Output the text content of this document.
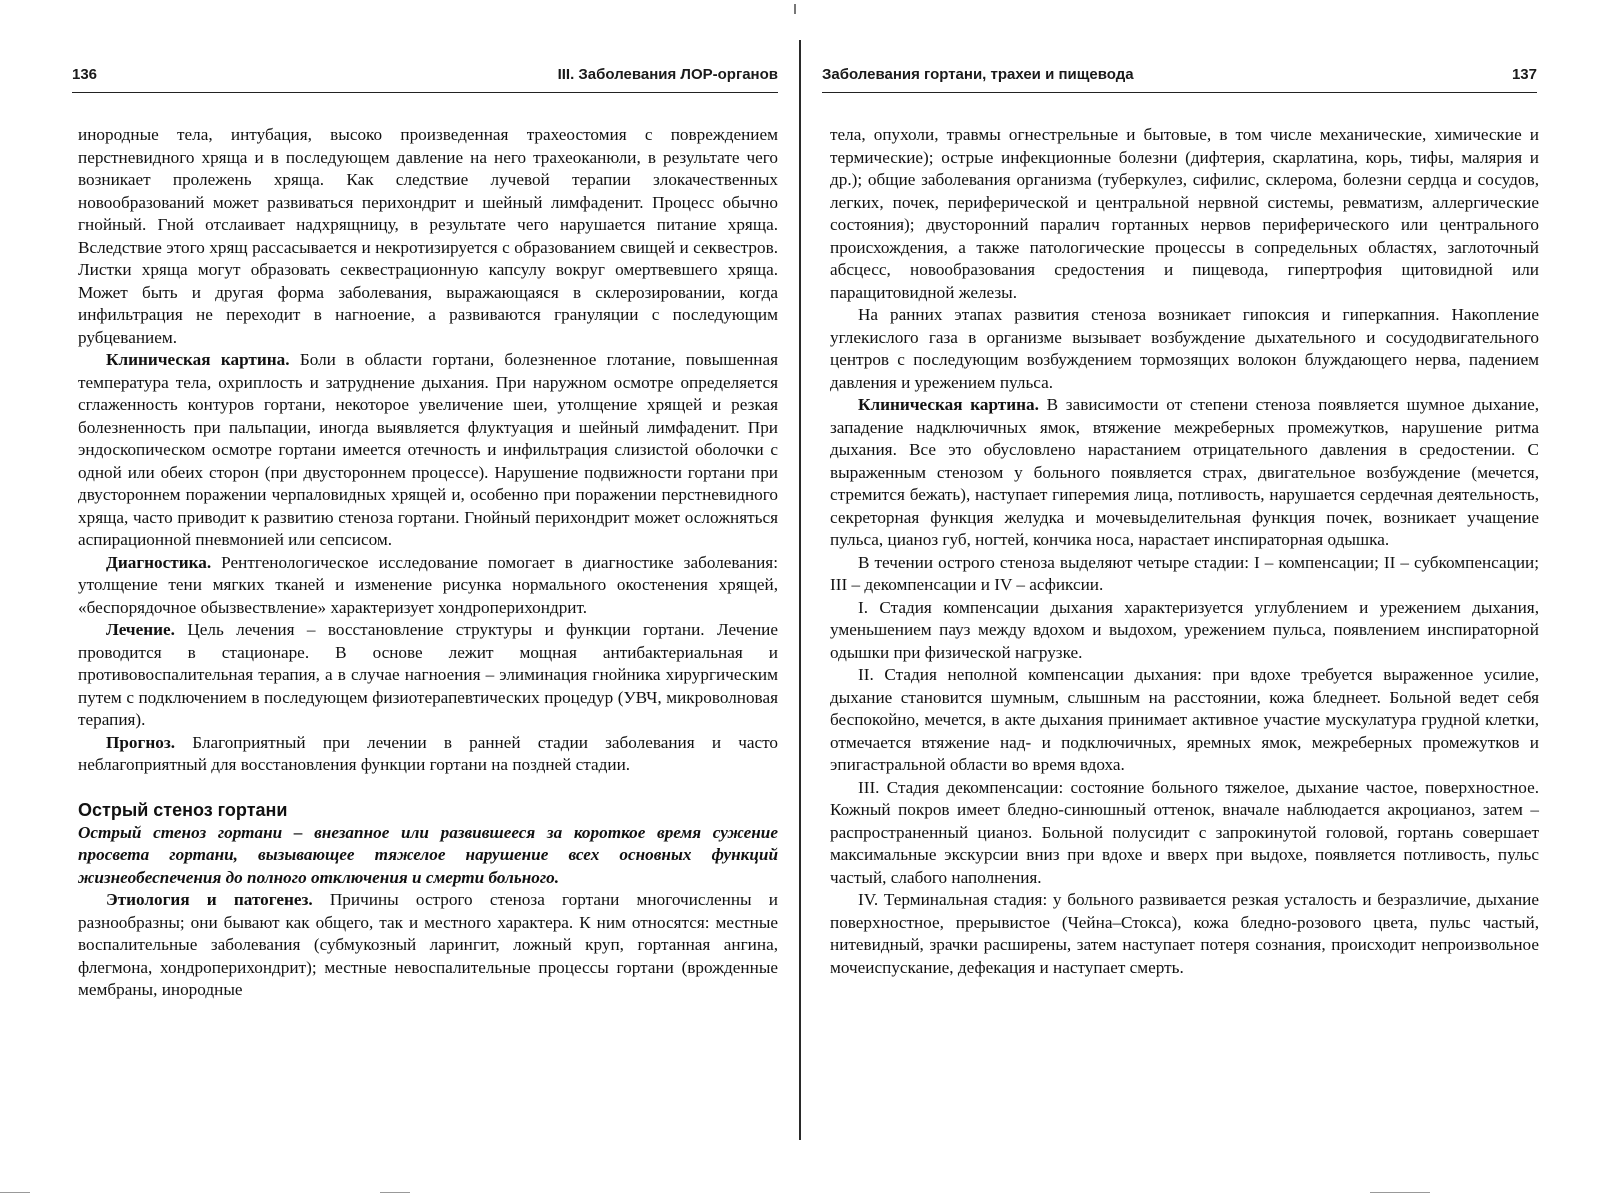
136	III. Заболевания ЛОР-органов

инородные тела, интубация, высоко произведенная трахеостомия с повреждением перстневидного хряща и в последующем давление на него трахеоканюли, в результате чего возникает пролежень хряща. Как следствие лучевой терапии злокачественных новообразований может развиваться перихондрит и шейный лимфаденит. Процесс обычно гнойный. Гной отслаивает надхрящницу, в результате чего нарушается питание хряща. Вследствие этого хрящ рассасывается и некротизируется с образованием свищей и секвестров. Листки хряща могут образовать секвестрационную капсулу вокруг омертвевшего хряща. Может быть и другая форма заболевания, выражающаяся в склерозировании, когда инфильтрация не переходит в нагноение, а развиваются грануляции с последующим рубцеванием.

Клиническая картина. Боли в области гортани, болезненное глотание, повышенная температура тела, охриплость и затруднение дыхания. При наружном осмотре определяется сглаженность контуров гортани, некоторое увеличение шеи, утолщение хрящей и резкая болезненность при пальпации, иногда выявляется флуктуация и шейный лимфаденит. При эндоскопическом осмотре гортани имеется отечность и инфильтрация слизистой оболочки с одной или обеих сторон (при двустороннем процессе). Нарушение подвижности гортани при двустороннем поражении черпаловидных хрящей и, особенно при поражении перстневидного хряща, часто приводит к развитию стеноза гортани. Гнойный перихондрит может осложняться аспирационной пневмонией или сепсисом.

Диагностика. Рентгенологическое исследование помогает в диагностике заболевания: утолщение тени мягких тканей и изменение рисунка нормального окостенения хрящей, «беспорядочное обызвествление» характеризует хондроперихондрит.

Лечение. Цель лечения – восстановление структуры и функции гортани. Лечение проводится в стационаре. В основе лежит мощная антибактериальная и противовоспалительная терапия, а в случае нагноения – элиминация гнойника хирургическим путем с подключением в последующем физиотерапевтических процедур (УВЧ, микроволновая терапия).

Прогноз. Благоприятный при лечении в ранней стадии заболевания и часто неблагоприятный для восстановления функции гортани на поздней стадии.

Острый стеноз гортани

Острый стеноз гортани – внезапное или развившееся за короткое время сужение просвета гортани, вызывающее тяжелое нарушение всех основных функций жизнеобеспечения до полного отключения и смерти больного.

Этиология и патогенез. Причины острого стеноза гортани многочисленны и разнообразны; они бывают как общего, так и местного характера. К ним относятся: местные воспалительные заболевания (субмукозный ларингит, ложный круп, гортанная ангина, флегмона, хондроперихондрит); местные невоспалительные процессы гортани (врожденные мембраны, инородные

Заболевания гортани, трахеи и пищевода	137

тела, опухоли, травмы огнестрельные и бытовые, в том числе механические, химические и термические); острые инфекционные болезни (дифтерия, скарлатина, корь, тифы, малярия и др.); общие заболевания организма (туберкулез, сифилис, склерома, болезни сердца и сосудов, легких, почек, периферической и центральной нервной системы, ревматизм, аллергические состояния); двусторонний паралич гортанных нервов периферического или центрального происхождения, а также патологические процессы в сопредельных областях, заглоточный абсцесс, новообразования средостения и пищевода, гипертрофия щитовидной или паращитовидной железы.

На ранних этапах развития стеноза возникает гипоксия и гиперкапния. Накопление углекислого газа в организме вызывает возбуждение дыхательного и сосудодвигательного центров с последующим возбуждением тормозящих волокон блуждающего нерва, падением давления и урежением пульса.

Клиническая картина. В зависимости от степени стеноза появляется шумное дыхание, западение надключичных ямок, втяжение межреберных промежутков, нарушение ритма дыхания. Все это обусловлено нарастанием отрицательного давления в средостении. С выраженным стенозом у больного появляется страх, двигательное возбуждение (мечется, стремится бежать), наступает гиперемия лица, потливость, нарушается сердечная деятельность, секреторная функция желудка и мочевыделительная функция почек, возникает учащение пульса, цианоз губ, ногтей, кончика носа, нарастает инспираторная одышка.

В течении острого стеноза выделяют четыре стадии: I – компенсации; II – субкомпенсации; III – декомпенсации и IV – асфиксии.

I. Стадия компенсации дыхания характеризуется углублением и урежением дыхания, уменьшением пауз между вдохом и выдохом, урежением пульса, появлением инспираторной одышки при физической нагрузке.

II. Стадия неполной компенсации дыхания: при вдохе требуется выраженное усилие, дыхание становится шумным, слышным на расстоянии, кожа бледнеет. Больной ведет себя беспокойно, мечется, в акте дыхания принимает активное участие мускулатура грудной клетки, отмечается втяжение над- и подключичных, яремных ямок, межреберных промежутков и эпигастральной области во время вдоха.

III. Стадия декомпенсации: состояние больного тяжелое, дыхание частое, поверхностное. Кожный покров имеет бледно-синюшный оттенок, вначале наблюдается акроцианоз, затем – распространенный цианоз. Больной полусидит с запрокинутой головой, гортань совершает максимальные экскурсии вниз при вдохе и вверх при выдохе, появляется потливость, пульс частый, слабого наполнения.

IV. Терминальная стадия: у больного развивается резкая усталость и безразличие, дыхание поверхностное, прерывистое (Чейна–Стокса), кожа бледно-розового цвета, пульс частый, нитевидный, зрачки расширены, затем наступает потеря сознания, происходит непроизвольное мочеиспускание, дефекация и наступает смерть.
